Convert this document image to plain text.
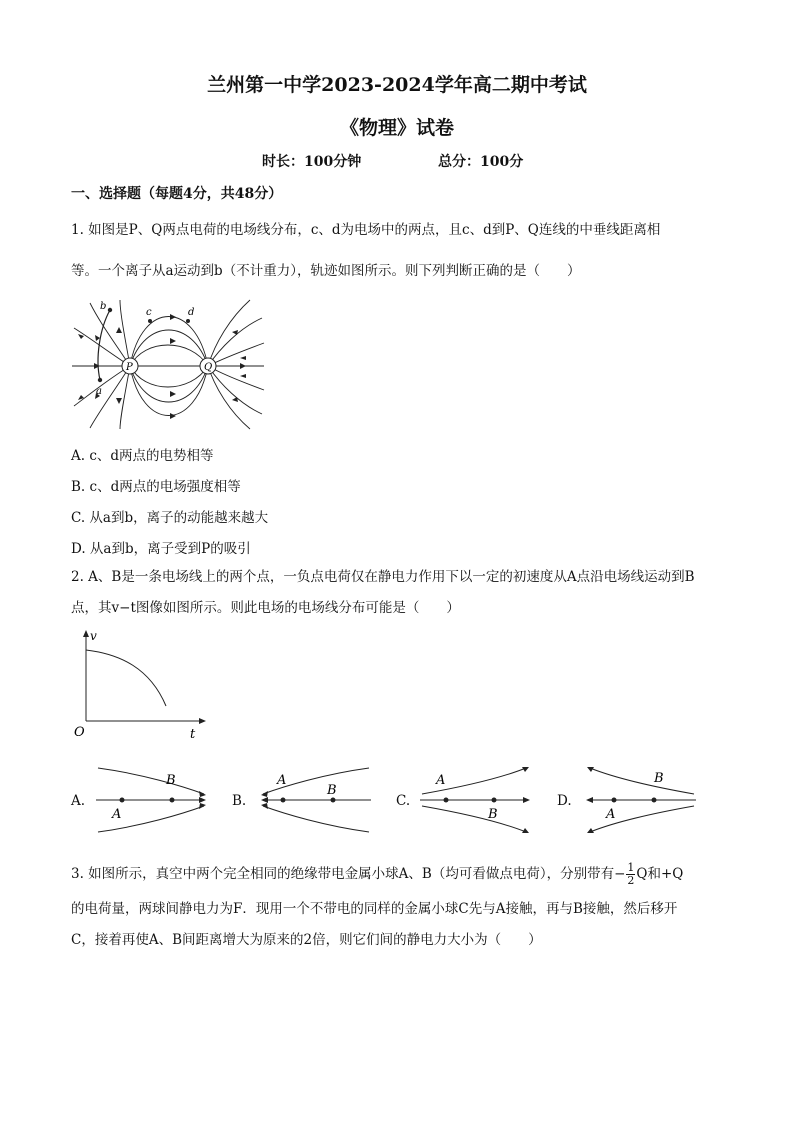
兰州第一中学2023-2024学年高二期中考试
《物理》试卷
时长：100分钟	总分：100分
一、选择题（每题4分，共48分）
1. 如图是P、Q两点电荷的电场线分布，c、d为电场中的两点，且c、d到P、Q连线的中垂线距离相
等。一个离子从a运动到b（不计重力），轨迹如图所示。则下列判断正确的是（　　）
P	Q
b
c	d
a
A. c、d两点的电势相等
B. c、d两点的电场强度相等
C. 从a到b，离子的动能越来越大
D. 从a到b，离子受到P的吸引
2. A、B是一条电场线上的两个点，一负点电荷仅在静电力作用下以一定的初速度从A点沿电场线运动到B
点，其v−t图像如图所示。则此电场的电场线分布可能是（　　）
v
O	t
A.
B
A
B.
A
B
C.
A
B
D.
B
A
3. 如图所示，真空中两个完全相同的绝缘带电金属小球A、B（均可看做点电荷），分别带有− $\frac{1}{2}$ Q和+Q
的电荷量，两球间静电力为F．现用一个不带电的同样的金属小球C先与A接触，再与B接触，然后移开
C，接着再使A、B间距离增大为原来的2倍，则它们间的静电力大小为（　　）
